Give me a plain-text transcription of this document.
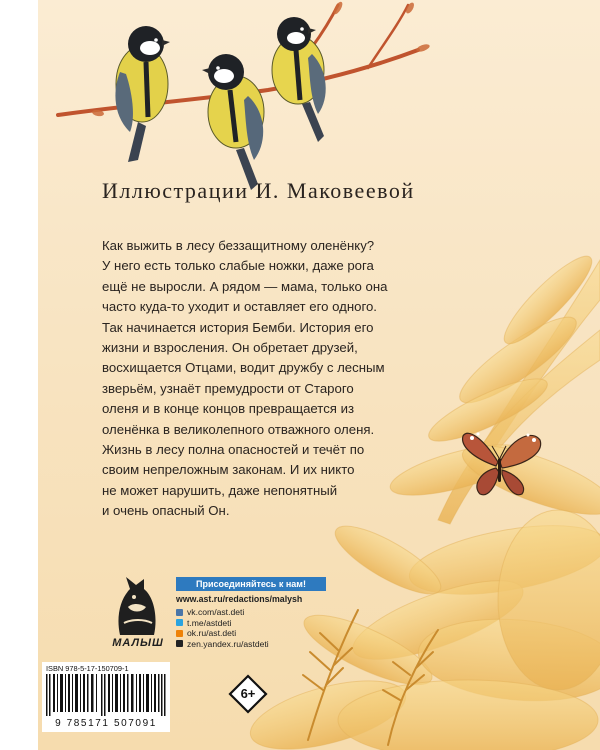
Иллюстрации И. Маковеевой

Как выжить в лесу беззащитному оленёнку?
У него есть только слабые ножки, даже рога
ещё не выросли. А рядом — мама, только она
часто куда-то уходит и оставляет его одного.
Так начинается история Бемби. История его
жизни и взросления. Он обретает друзей,
восхищается Отцами, водит дружбу с лесным
зверьём, узнаёт премудрости от Старого
оленя и в конце концов превращается из
оленёнка в великолепного отважного оленя.
Жизнь в лесу полна опасностей и течёт по
своим непреложным законам. И их никто
не может нарушить, даже непонятный
и очень опасный Он.

МАЛЫШ
Присоединяйтесь к нам!
www.ast.ru/redactions/malysh
vk.com/ast.deti
t.me/astdeti
ok.ru/ast.deti
zen.yandex.ru/astdeti
6+
ISBN 978-5-17-150709-1
9 785171 507091
